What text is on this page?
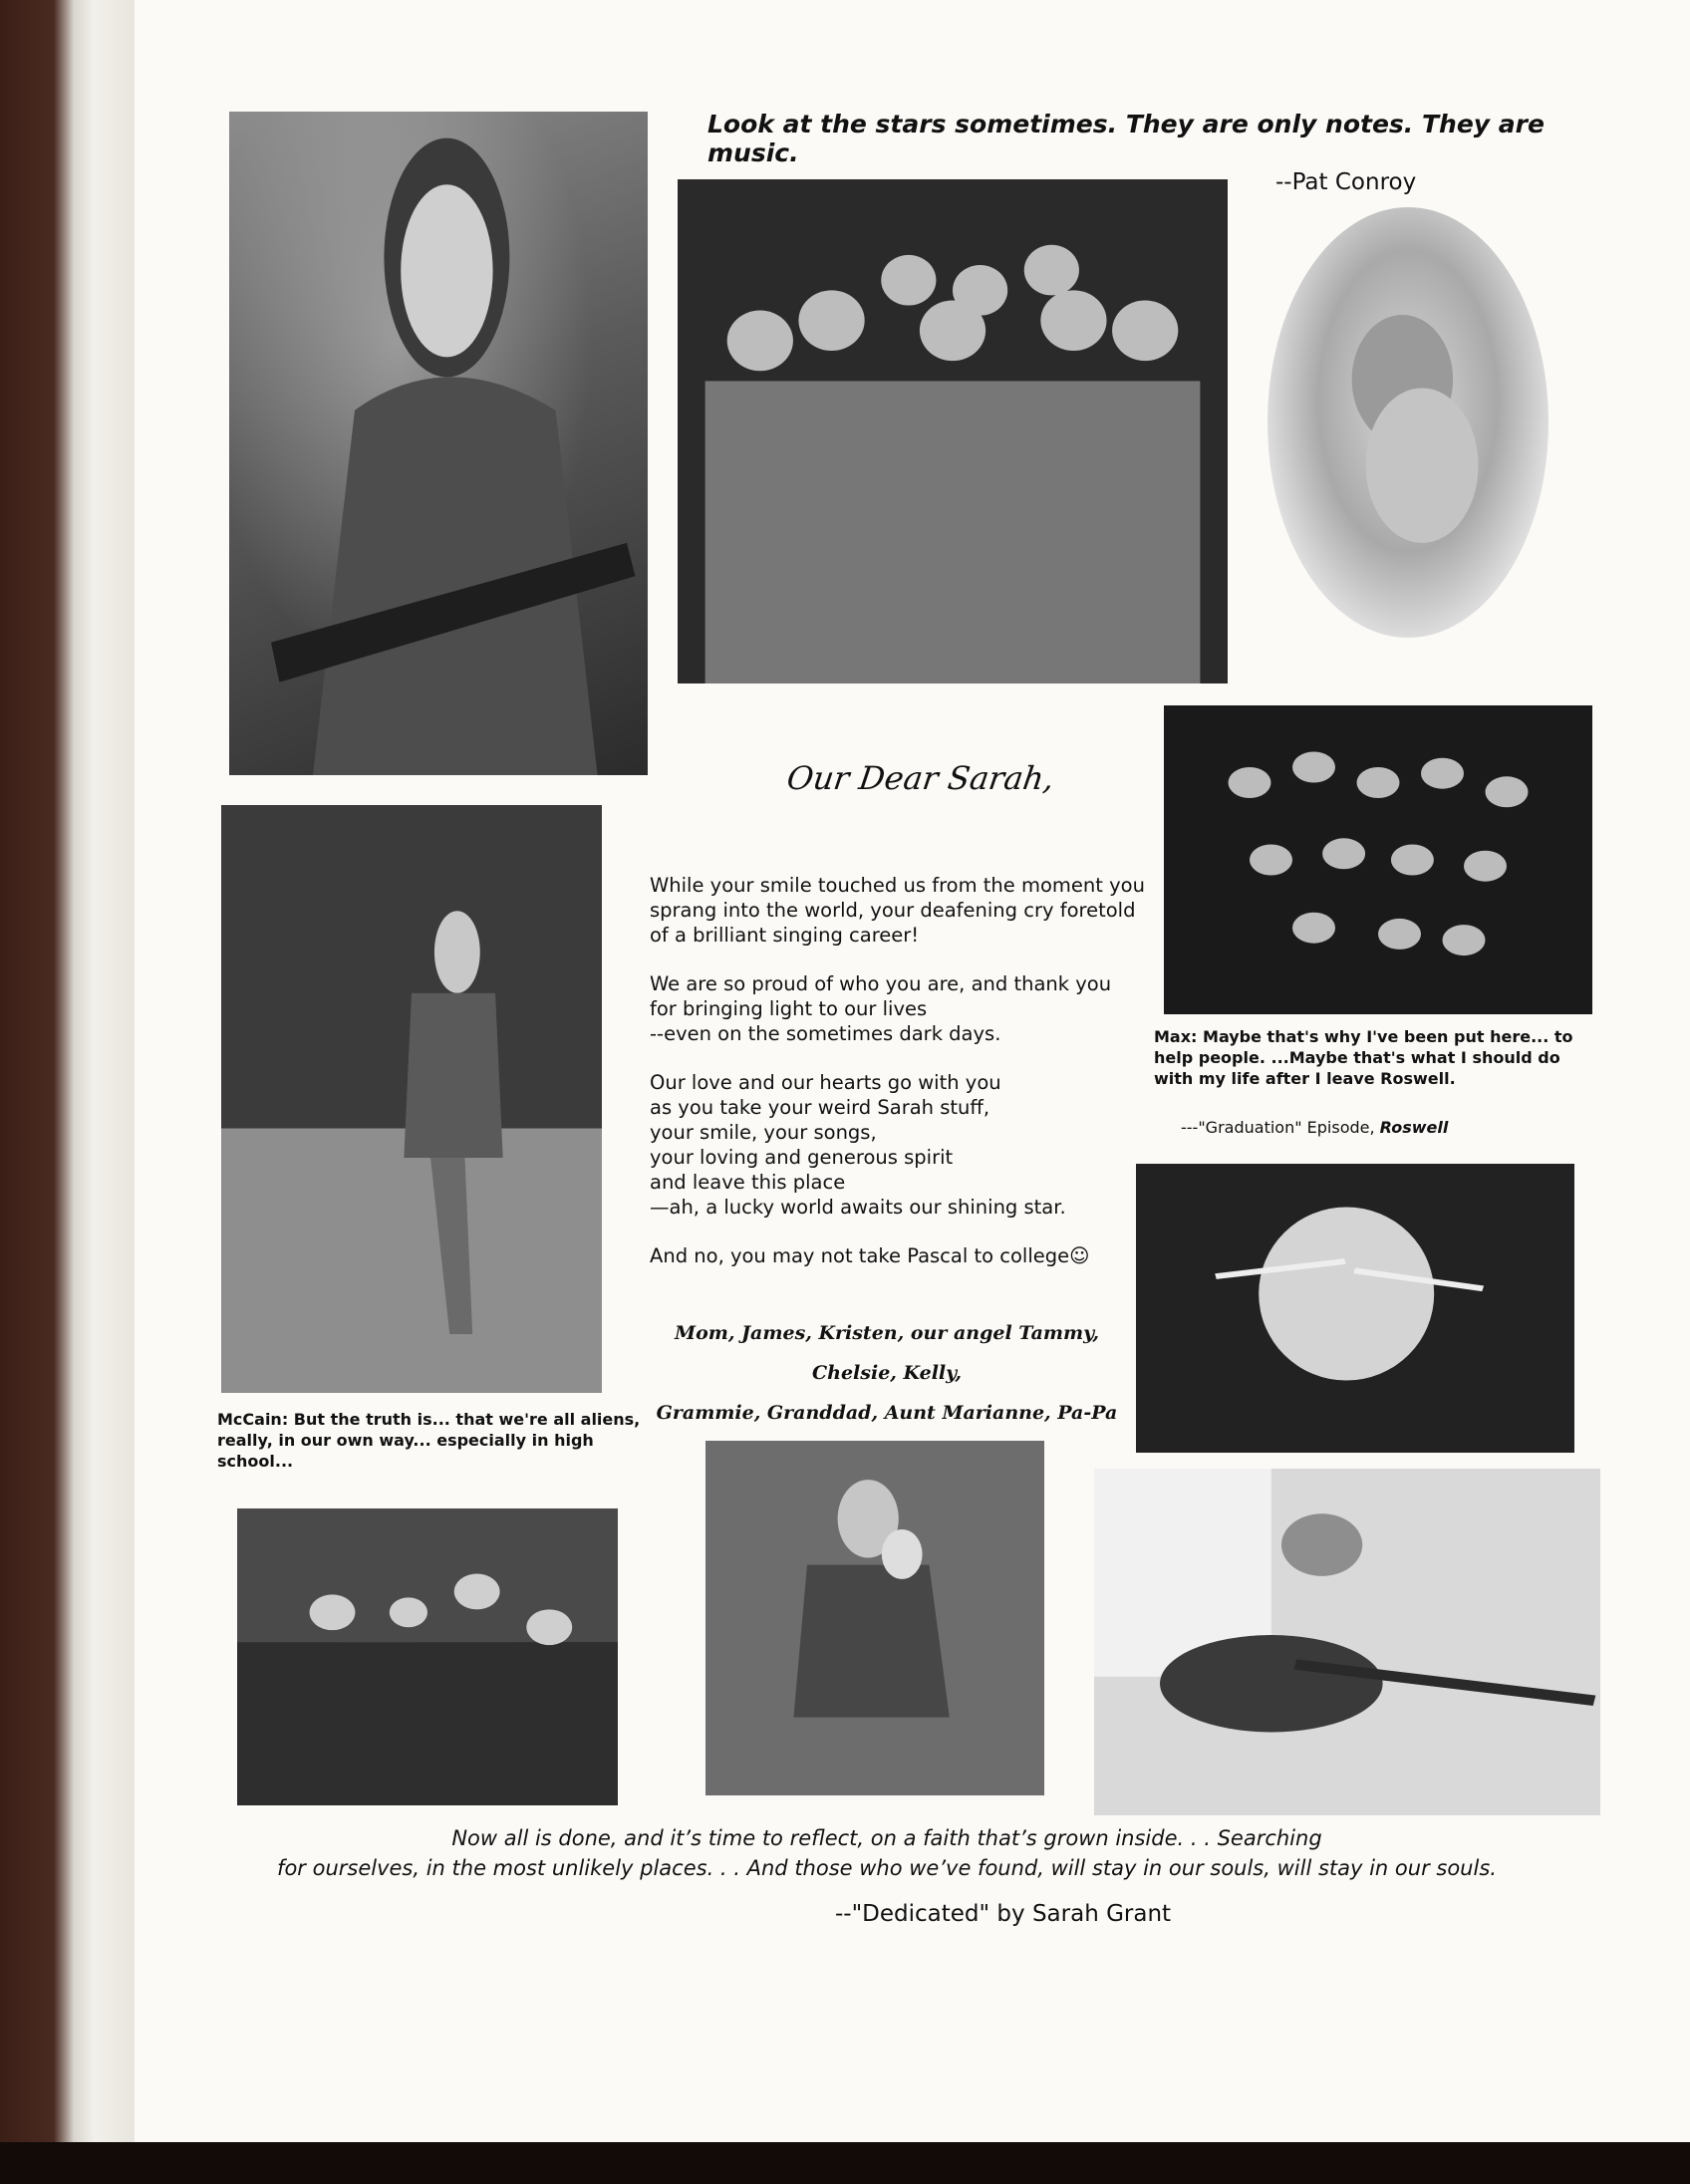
Look at the stars sometimes. They are only notes. They are music.
--Pat Conroy
Our Dear Sarah,

While your smile touched us from the moment you sprang into the world, your deafening cry foretold of a brilliant singing career!

We are so proud of who you are, and thank you
for bringing light to our lives
--even on the sometimes dark days.

Our love and our hearts go with you
as you take your weird Sarah stuff,
your smile, your songs,
your loving and generous spirit
and leave this place
—ah, a lucky world awaits our shining star.

And no, you may not take Pascal to college☺

Mom, James, Kristen, our angel Tammy, Chelsie, Kelly,
Grammie, Granddad, Aunt Marianne, Pa-Pa
Max: Maybe that's why I've been put here... to help people. ...Maybe that's what I should do with my life after I leave Roswell.
---"Graduation" Episode, Roswell
McCain: But the truth is... that we're all aliens, really, in our own way... especially in high school...
Now all is done, and it’s time to reflect, on a faith that’s grown inside. . . Searching
for ourselves, in the most unlikely places. . . And those who we’ve found, will stay in our souls, will stay in our souls.
--"Dedicated" by Sarah Grant
